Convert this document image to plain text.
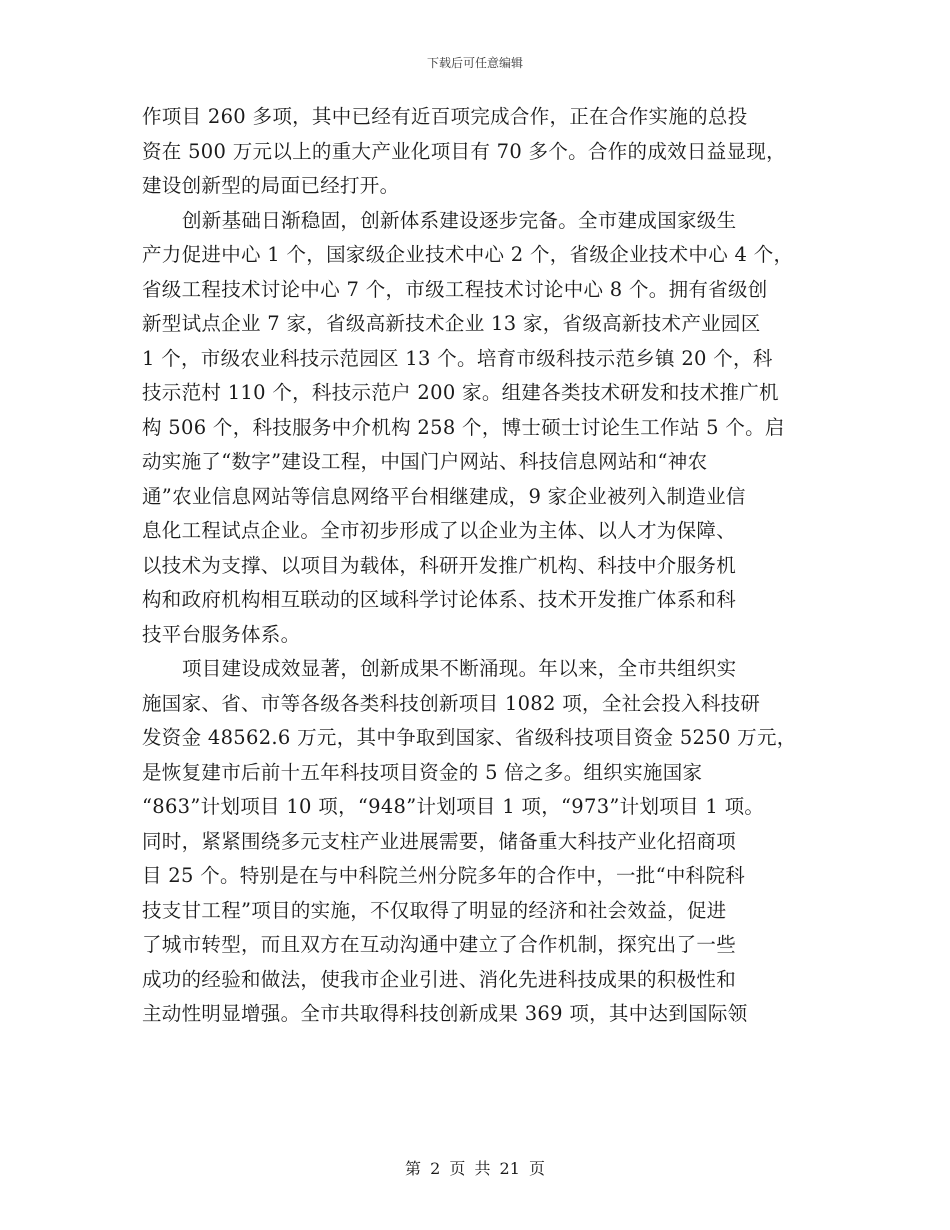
下载后可任意编辑
作项目 260 多项，其中已经有近百项完成合作，正在合作实施的总投
资在 500 万元以上的重大产业化项目有 70 多个。合作的成效日益显现，
建设创新型的局面已经打开。
创新基础日渐稳固，创新体系建设逐步完备。全市建成国家级生
产力促进中心 1 个，国家级企业技术中心 2 个，省级企业技术中心 4 个，
省级工程技术讨论中心 7 个，市级工程技术讨论中心 8 个。拥有省级创
新型试点企业 7 家，省级高新技术企业 13 家，省级高新技术产业园区
1 个，市级农业科技示范园区 13 个。培育市级科技示范乡镇 20 个，科
技示范村 110 个，科技示范户 200 家。组建各类技术研发和技术推广机
构 506 个，科技服务中介机构 258 个，博士硕士讨论生工作站 5 个。启
动实施了“数字”建设工程，中国门户网站、科技信息网站和“神农
通”农业信息网站等信息网络平台相继建成，9 家企业被列入制造业信
息化工程试点企业。全市初步形成了以企业为主体、以人才为保障、
以技术为支撑、以项目为载体，科研开发推广机构、科技中介服务机
构和政府机构相互联动的区域科学讨论体系、技术开发推广体系和科
技平台服务体系。
项目建设成效显著，创新成果不断涌现。年以来，全市共组织实
施国家、省、市等各级各类科技创新项目 1082 项，全社会投入科技研
发资金 48562.6 万元，其中争取到国家、省级科技项目资金 5250 万元，
是恢复建市后前十五年科技项目资金的 5 倍之多。组织实施国家
“863”计划项目 10 项，“948”计划项目 1 项，“973”计划项目 1 项。
同时，紧紧围绕多元支柱产业进展需要，储备重大科技产业化招商项
目 25 个。特别是在与中科院兰州分院多年的合作中，一批“中科院科
技支甘工程”项目的实施，不仅取得了明显的经济和社会效益，促进
了城市转型，而且双方在互动沟通中建立了合作机制，探究出了一些
成功的经验和做法，使我市企业引进、消化先进科技成果的积极性和
主动性明显增强。全市共取得科技创新成果 369 项，其中达到国际领
第 2 页 共 21 页
